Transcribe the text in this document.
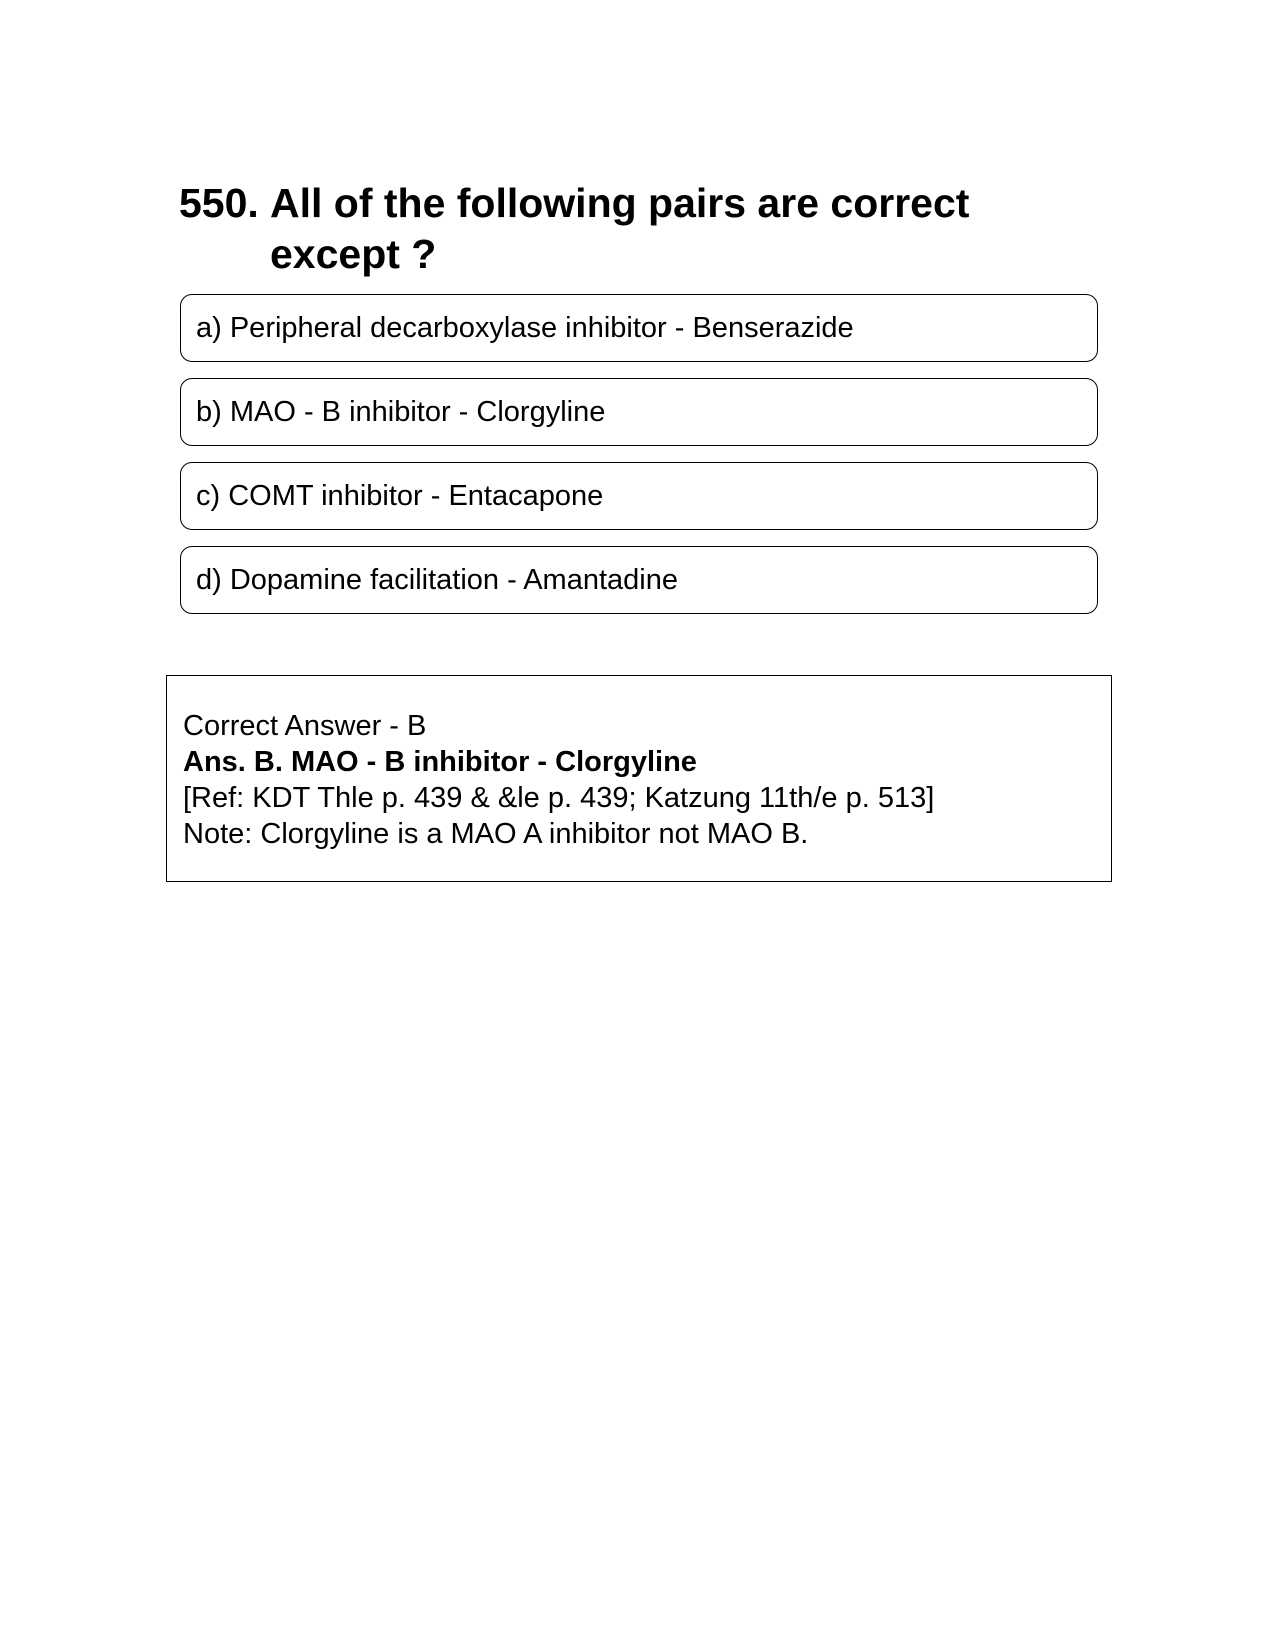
550. All of the following pairs are correct except ?
a) Peripheral decarboxylase inhibitor - Benserazide
b) MAO - B inhibitor - Clorgyline
c) COMT inhibitor - Entacapone
d) Dopamine facilitation - Amantadine
Correct Answer - B
Ans. B. MAO - B inhibitor - Clorgyline
[Ref: KDT Thle p. 439 & &le p. 439; Katzung 11th/e p. 513]
Note: Clorgyline is a MAO A inhibitor not MAO B.
